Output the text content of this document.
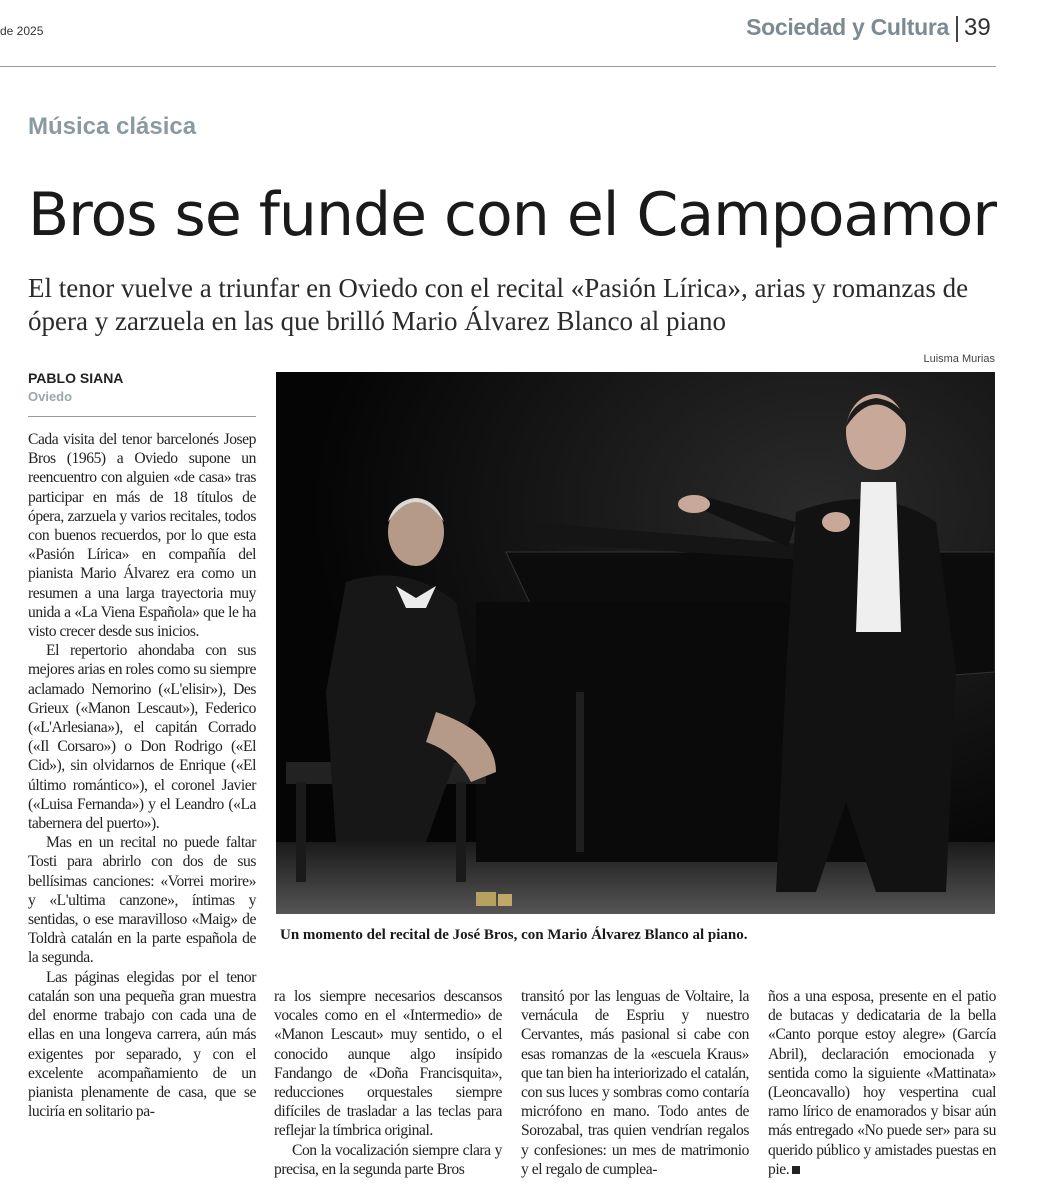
de 2025	Sociedad y Cultura 39
Música clásica
Bros se funde con el Campoamor
El tenor vuelve a triunfar en Oviedo con el recital «Pasión Lírica», arias y romanzas de ópera y zarzuela en las que brilló Mario Álvarez Blanco al piano
Luisma Murias
PABLO SIANA
Oviedo

Cada visita del tenor barcelonés Josep Bros (1965) a Oviedo supone un reencuentro con alguien «de casa» tras participar en más de 18 títulos de ópera, zarzuela y varios recitales, todos con buenos recuerdos, por lo que esta «Pasión Lírica» en compañía del pianista Mario Álvarez era como un resumen a una larga trayectoria muy unida a «La Viena Española» que le ha visto crecer desde sus inicios.

El repertorio ahondaba con sus mejores arias en roles como su siempre aclamado Nemorino («L'elisir»), Des Grieux («Manon Lescaut»), Federico («L'Arlesiana»), el capitán Corrado («Il Corsaro») o Don Rodrigo («El Cid»), sin olvidarnos de Enrique («El último romántico»), el coronel Javier («Luisa Fernanda») y el Leandro («La tabernera del puerto»).

Mas en un recital no puede faltar Tosti para abrirlo con dos de sus bellísimas canciones: «Vorrei morire» y «L'ultima canzone», íntimas y sentidas, o ese maravilloso «Maig» de Toldrà catalán en la parte española de la segunda.

Las páginas elegidas por el tenor catalán son una pequeña gran muestra del enorme trabajo con cada una de ellas en una longeva carrera, aún más exigentes por separado, y con el excelente acompañamiento de un pianista plenamente de casa, que se luciría en solitario pa-

Un momento del recital de José Bros, con Mario Álvarez Blanco al piano.

ra los siempre necesarios descansos vocales como en el «Intermedio» de «Manon Lescaut» muy sentido, o el conocido aunque algo insípido Fandango de «Doña Francisquita», reducciones orquestales siempre difíciles de trasladar a las teclas para reflejar la tímbrica original.

Con la vocalización siempre clara y precisa, en la segunda parte Bros

transitó por las lenguas de Voltaire, la vernácula de Espriu y nuestro Cervantes, más pasional si cabe con esas romanzas de la «escuela Kraus» que tan bien ha interiorizado el catalán, con sus luces y sombras como contaría micrófono en mano. Todo antes de Sorozabal, tras quien vendrían regalos y confesiones: un mes de matrimonio y el regalo de cumplea-

ños a una esposa, presente en el patio de butacas y dedicataria de la bella «Canto porque estoy alegre» (García Abril), declaración emocionada y sentida como la siguiente «Mattinata» (Leoncavallo) hoy vespertina cual ramo lírico de enamorados y bisar aún más entregado «No puede ser» para su querido público y amistades puestas en pie.
